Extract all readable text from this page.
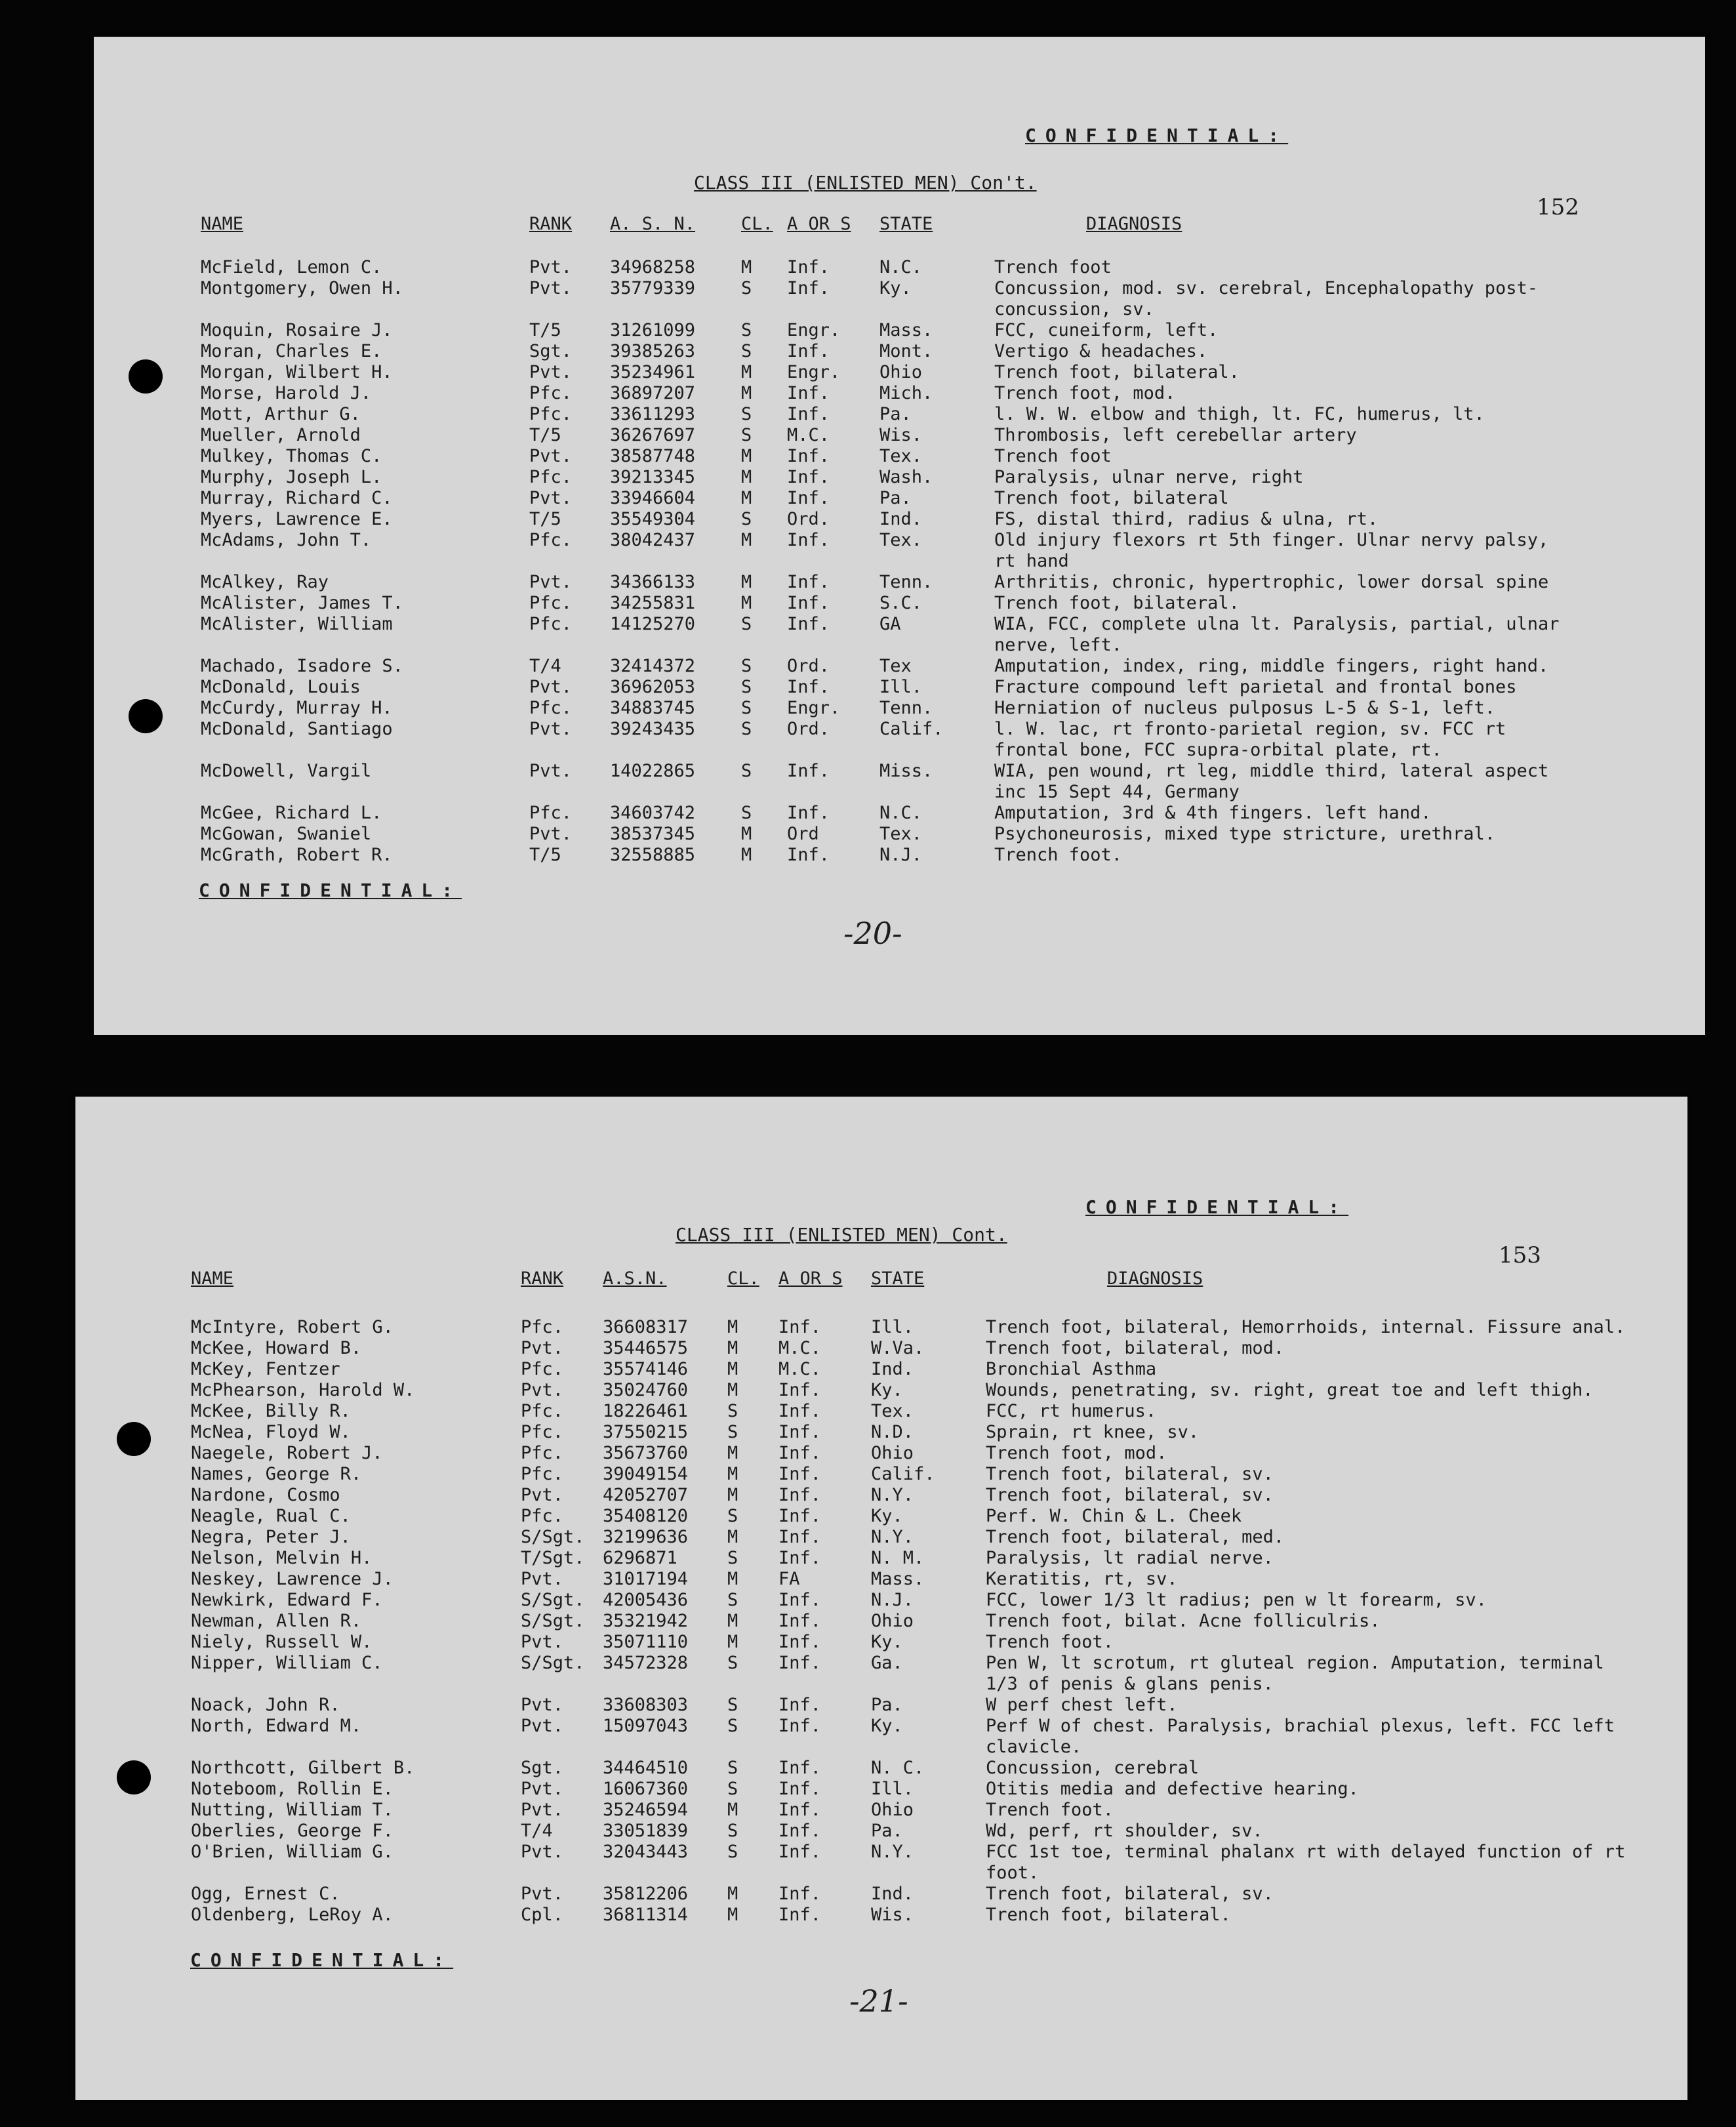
CONFIDENTIAL:
CLASS III (ENLISTED MEN) Con't.
152
NAME	RANK A. S. N.	CL. A OR S STATE	DIAGNOSIS
McField, Lemon C.	Pvt. 34968258	M Inf.	N.C.	Trench foot
Montgomery, Owen H.	Pvt. 35779339	S Inf.	Ky.	Concussion, mod. sv. cerebral, Encephalopathy post-concussion, sv.
Moquin, Rosaire J.	T/5	31261099	S Engr. Mass.	FCC, cuneiform, left.
Moran, Charles E.	Sgt. 39385263	S Inf.	Mont.	Vertigo & headaches.
Morgan, Wilbert H.	Pvt. 35234961	M Engr. Ohio	Trench foot, bilateral.
Morse, Harold J.	Pfc. 36897207	M Inf.	Mich.	Trench foot, mod.
Mott, Arthur G.	Pfc. 33611293	S Inf.	Pa.	l. W. W. elbow and thigh, lt. FC, humerus, lt.
Mueller, Arnold	T/5	36267697	S M.C.	Wis.	Thrombosis, left cerebellar artery
Mulkey, Thomas C.	Pvt. 38587748	M Inf.	Tex.	Trench foot
Murphy, Joseph L.	Pfc. 39213345	M Inf.	Wash.	Paralysis, ulnar nerve, right
Murray, Richard C.	Pvt. 33946604	M Inf.	Pa.	Trench foot, bilateral
Myers, Lawrence E.	T/5	35549304	S Ord.	Ind.	FS, distal third, radius & ulna, rt.
McAdams, John T.	Pfc. 38042437	M Inf.	Tex.	Old injury flexors rt 5th finger. Ulnar nervy palsy, rt hand
McAlkey, Ray	Pvt. 34366133	M Inf.	Tenn.	Arthritis, chronic, hypertrophic, lower dorsal spine
McAlister, James T.	Pfc. 34255831	M Inf.	S.C.	Trench foot, bilateral.
McAlister, William	Pfc. 14125270	S Inf.	GA	WIA, FCC, complete ulna lt. Paralysis, partial, ulnar nerve, left.
Machado, Isadore S.	T/4	32414372	S Ord.	Tex	Amputation, index, ring, middle fingers, right hand.
McDonald, Louis	Pvt. 36962053	S Inf.	Ill.	Fracture compound left parietal and frontal bones
McCurdy, Murray H.	Pfc. 34883745	S Engr. Tenn.	Herniation of nucleus pulposus L-5 & S-1, left.
McDonald, Santiago	Pvt. 39243435	S Ord.	Calif.	l. W. lac, rt fronto-parietal region, sv. FCC rt frontal bone, FCC supra-orbital plate, rt.
McDowell, Vargil	Pvt. 14022865	S Inf.	Miss.	WIA, pen wound, rt leg, middle third, lateral aspect inc 15 Sept 44, Germany
McGee, Richard L.	Pfc. 34603742	S Inf.	N.C.	Amputation, 3rd & 4th fingers. left hand.
McGowan, Swaniel	Pvt. 38537345	M Ord	Tex.	Psychoneurosis, mixed type stricture, urethral.
McGrath, Robert R.	T/5	32558885	M Inf.	N.J.	Trench foot.
CONFIDENTIAL:
-20-
CONFIDENTIAL:
CLASS III (ENLISTED MEN) Cont.
153
NAME	RANK A.S.N.	CL. A OR S STATE	DIAGNOSIS
McIntyre, Robert G.	Pfc. 36608317 M Inf.	Ill.	Trench foot, bilateral, Hemorrhoids, internal. Fissure anal.
McKee, Howard B.	Pvt. 35446575 M M.C.	W.Va.	Trench foot, bilateral, mod.
McKey, Fentzer	Pfc. 35574146 M M.C.	Ind.	Bronchial Asthma
McPhearson, Harold W.	Pvt. 35024760 M Inf.	Ky.	Wounds, penetrating, sv. right, great toe and left thigh.
McKee, Billy R.	Pfc. 18226461 S Inf.	Tex.	FCC, rt humerus.
McNea, Floyd W.	Pfc. 37550215 S Inf.	N.D.	Sprain, rt knee, sv.
Naegele, Robert J.	Pfc. 35673760 M Inf.	Ohio	Trench foot, mod.
Names, George R.	Pfc. 39049154 M Inf.	Calif.	Trench foot, bilateral, sv.
Nardone, Cosmo	Pvt. 42052707 M Inf.	N.Y.	Trench foot, bilateral, sv.
Neagle, Rual C.	Pfc. 35408120 S Inf.	Ky.	Perf. W. Chin & L. Cheek
Negra, Peter J.	S/Sgt. 32199636 M Inf.	N.Y.	Trench foot, bilateral, med.
Nelson, Melvin H.	T/Sgt. 6296871	S Inf.	N. M.	Paralysis, lt radial nerve.
Neskey, Lawrence J.	Pvt. 31017194 M FA	Mass.	Keratitis, rt, sv.
Newkirk, Edward F.	S/Sgt. 42005436 S Inf.	N.J.	FCC, lower 1/3 lt radius; pen w lt forearm, sv.
Newman, Allen R.	S/Sgt. 35321942 M Inf.	Ohio	Trench foot, bilat. Acne folliculris.
Niely, Russell W.	Pvt. 35071110 M Inf.	Ky.	Trench foot.
Nipper, William C.	S/Sgt. 34572328 S Inf.	Ga.	Pen W, lt scrotum, rt gluteal region. Amputation, terminal 1/3 of penis & glans penis.
Noack, John R.	Pvt. 33608303 S Inf.	Pa.	W perf chest left.
North, Edward M.	Pvt. 15097043 S Inf.	Ky.	Perf W of chest. Paralysis, brachial plexus, left. FCC left clavicle.
Northcott, Gilbert B.	Sgt. 34464510 S Inf.	N. C.	Concussion, cerebral
Noteboom, Rollin E.	Pvt. 16067360 S Inf.	Ill.	Otitis media and defective hearing.
Nutting, William T.	Pvt. 35246594 M Inf.	Ohio	Trench foot.
Oberlies, George F.	T/4	33051839 S Inf.	Pa.	Wd, perf, rt shoulder, sv.
O'Brien, William G.	Pvt. 32043443 S Inf.	N.Y.	FCC 1st toe, terminal phalanx rt with delayed function of rt foot.
Ogg, Ernest C.	Pvt. 35812206 M Inf.	Ind.	Trench foot, bilateral, sv.
Oldenberg, LeRoy A.	Cpl. 36811314 M Inf.	Wis.	Trench foot, bilateral.
CONFIDENTIAL:
-21-
